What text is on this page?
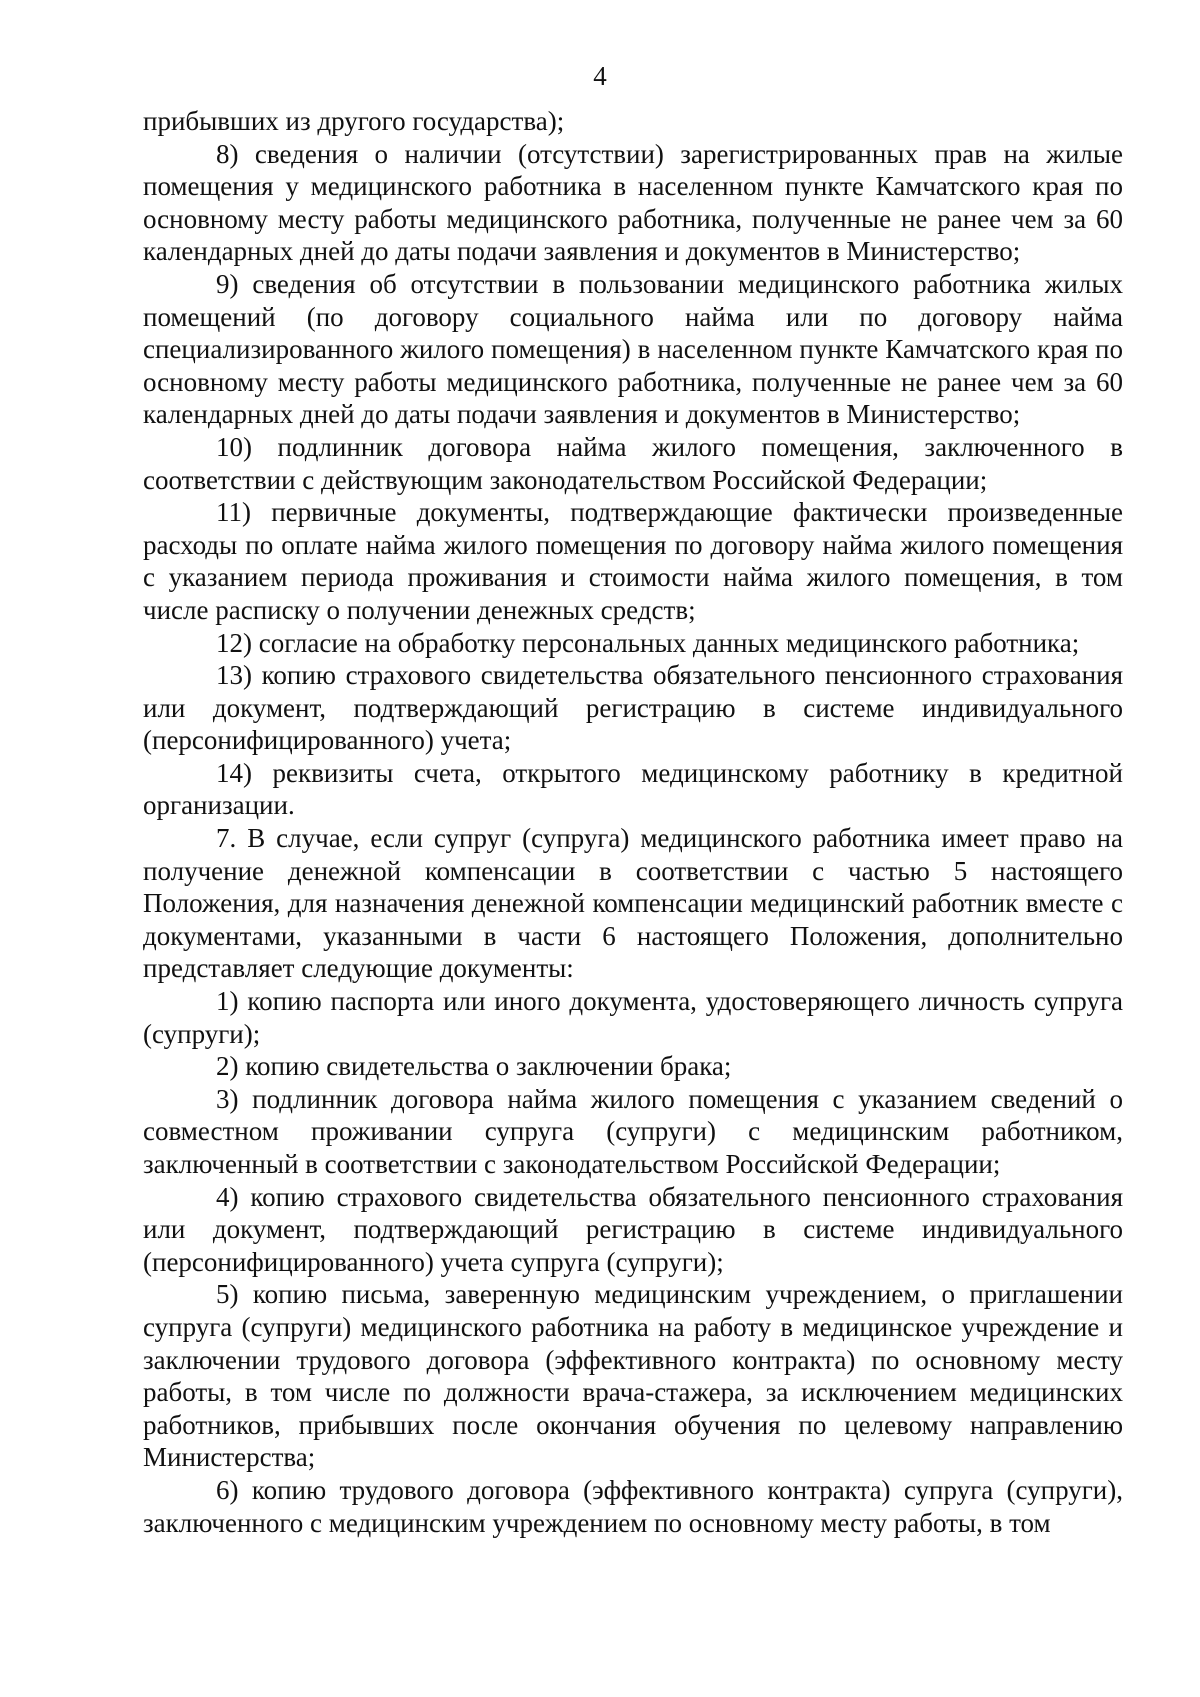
4

прибывших из другого государства);

8) сведения о наличии (отсутствии) зарегистрированных прав на жилые помещения у медицинского работника в населенном пункте Камчатского края по основному месту работы медицинского работника, полученные не ранее чем за 60 календарных дней до даты подачи заявления и документов в Министерство;

9) сведения об отсутствии в пользовании медицинского работника жилых помещений (по договору социального найма или по договору найма специализированного жилого помещения) в населенном пункте Камчатского края по основному месту работы медицинского работника, полученные не ранее чем за 60 календарных дней до даты подачи заявления и документов в Министерство;

10) подлинник договора найма жилого помещения, заключенного в соответствии с действующим законодательством Российской Федерации;

11) первичные документы, подтверждающие фактически произведенные расходы по оплате найма жилого помещения по договору найма жилого помещения с указанием периода проживания и стоимости найма жилого помещения, в том числе расписку о получении денежных средств;

12) согласие на обработку персональных данных медицинского работника;

13) копию страхового свидетельства обязательного пенсионного страхования или документ, подтверждающий регистрацию в системе индивидуального (персонифицированного) учета;

14) реквизиты счета, открытого медицинскому работнику в кредитной организации.

7. В случае, если супруг (супруга) медицинского работника имеет право на получение денежной компенсации в соответствии с частью 5 настоящего Положения, для назначения денежной компенсации медицинский работник вместе с документами, указанными в части 6 настоящего Положения, дополнительно представляет следующие документы:

1) копию паспорта или иного документа, удостоверяющего личность супруга (супруги);

2) копию свидетельства о заключении брака;

3) подлинник договора найма жилого помещения с указанием сведений о совместном проживании супруга (супруги) с медицинским работником, заключенный в соответствии с законодательством Российской Федерации;

4) копию страхового свидетельства обязательного пенсионного страхования или документ, подтверждающий регистрацию в системе индивидуального (персонифицированного) учета супруга (супруги);

5) копию письма, заверенную медицинским учреждением, о приглашении супруга (супруги) медицинского работника на работу в медицинское учреждение и заключении трудового договора (эффективного контракта) по основному месту работы, в том числе по должности врача-стажера, за исключением медицинских работников, прибывших после окончания обучения по целевому направлению Министерства;

6) копию трудового договора (эффективного контракта) супруга (супруги), заключенного с медицинским учреждением по основному месту работы, в том
